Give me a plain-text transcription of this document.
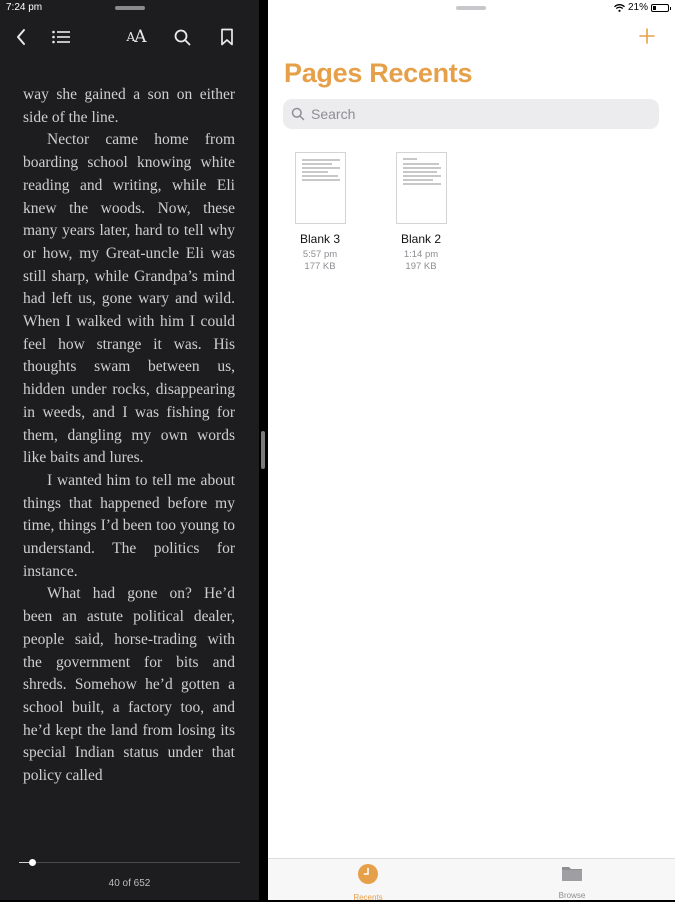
7:24 pm
A A

way she gained a son on either side of the line.

Nector came home from boarding school knowing white reading and writing, while Eli knew the woods. Now, these many years later, hard to tell why or how, my Great-uncle Eli was still sharp, while Grandpa’s mind had left us, gone wary and wild. When I walked with him I could feel how strange it was. His thoughts swam between us, hidden under rocks, disappearing in weeds, and I was fishing for them, dangling my own words like baits and lures.

I wanted him to tell me about things that happened before my time, things I’d been too young to understand. The politics for instance.

What had gone on? He’d been an astute political dealer, people said, horse-trading with the government for bits and shreds. Somehow he’d gotten a school built, a factory too, and he’d kept the land from losing its special Indian status under that policy called

40 of 652
21%
Pages Recents
Search
Blank 3
5:57 pm
177 KB
Blank 2
1:14 pm
197 KB
Recents	Browse
